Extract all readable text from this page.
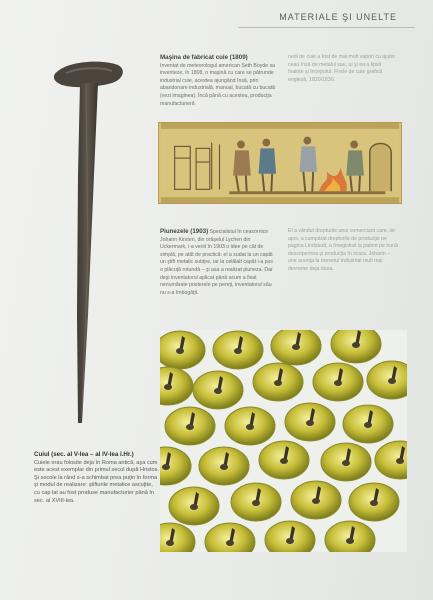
MATERIALE ŞI UNELTE
Cuiul (sec. al V-lea – al IV-lea î.Hr.)
Cuiele erau folosite deja în Roma antică, aşa cum este acest exemplar din primul secol după Hristos. Şi secole la rând s-a schimbat prea puţin în forma şi modul de realizare: ştifturile metalice ascuţite, cu cap lat au fost produse manufacturier până în sec. al XVIII-lea.
Maşina de fabricat cuie (1809)
Inventat de meteorologul american Seth Boyde sa inventeze, în 1808, o maşină cu care se pătrunde industrial cuie, acestea ajungând însă, prin abandonare industrială, manual, bucată cu bucată (vezi imaginea). Încă până cu acestea, producţia manufacturieră
nedi de cuie a fost de mai mult vapori cu ajutor ceau însă de metalul sau, ui şi ea a lipsit înainte şi începutul. Firele de cuie grafică engleză, 1820/1830.
Piunezele (1903) Specialistul în ceasornice Johann Kirsten, din orăşelul Lychen din Uckermark, i-a venit în 1903 o idee pe cât de simplă, pe atât de practică: el a sudat la un capăt un ştift metalic subţire, iar la celălalt capăt i-a pus o plăcuţă rotundă – şi asa a realizat piuneza. Dar deşi inventatorul aplicat până acum a fixat nenumărate posterele pe pereţi, inventatorul său nu s-a îmbogăţit.
El a vândut drepturile unui comerciant care, iar apoi, a cumpărat drepturile de producţie pe pagina Lindstedt, a înregistrat la patent pe hună descoperirea şi producţia în scara. Johann – une anunţa la brevetul industrial mult mai devreme deja doua.
